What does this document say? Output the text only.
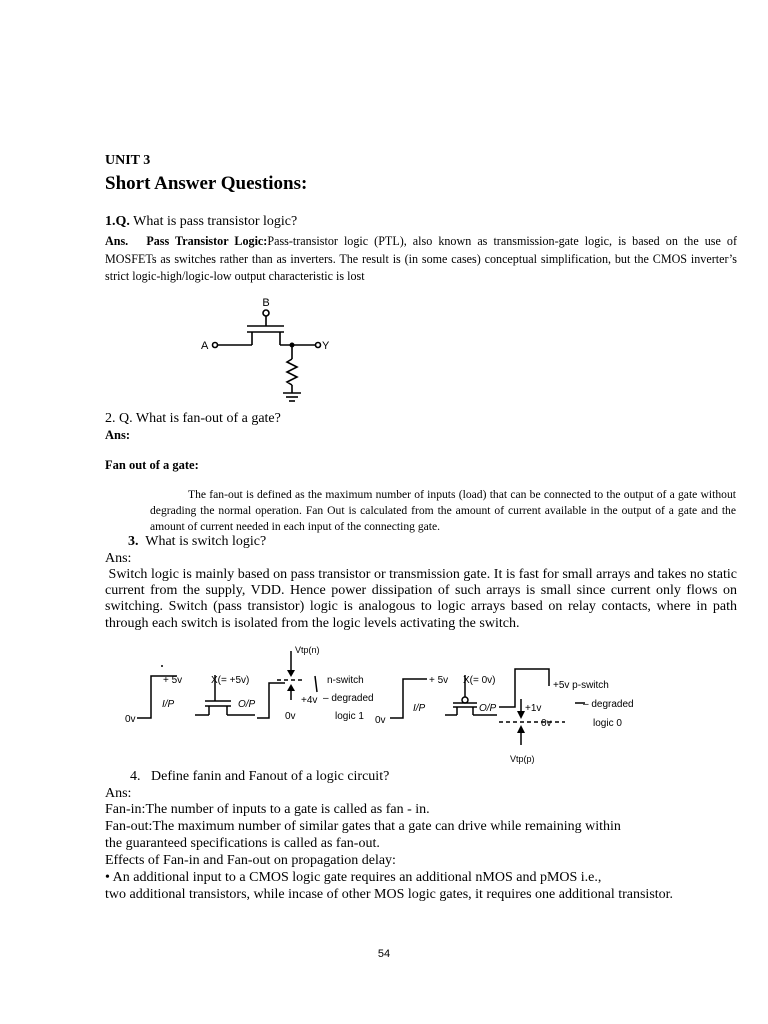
UNIT 3
Short Answer Questions:
1.Q. What is pass transistor logic?
Ans. Pass Transistor Logic:Pass-transistor logic (PTL), also known as transmission-gate logic, is based on the use of MOSFETs as switches rather than as inverters. The result is (in some cases) conceptual simplification, but the CMOS inverter’s strict logic-high/logic-low output characteristic is lost
B
A	Y
2. Q. What is fan-out of a gate?
Ans:
Fan out of a gate:
The fan-out is defined as the maximum number of inputs (load) that can be connected to the output of a gate without degrading the normal operation. Fan Out is calculated from the amount of current available in the output of a gate and the amount of current needed in each input of the connecting gate.
3. What is switch logic?
Ans:
Switch logic is mainly based on pass transistor or transmission gate. It is fast for small arrays and takes no static current from the supply, VDD. Hence power dissipation of such arrays is small since current only flows on switching. Switch (pass transistor) logic is analogous to logic arrays based on relay contacts, where in path through each switch is isolated from the logic levels activating the switch.
+ 5v
0v
I/P
X(= +5v)
O/P
Vtp(n)
+4v
0v
n-switch
– degraded
logic 1 0v
+ 5v
I/P
X(= 0v)
O/P	+1v
0v
Vtp(p)
+5v p-switch
– degraded
logic 0
4. Define fanin and Fanout of a logic circuit?
Ans:
Fan-in:The number of inputs to a gate is called as fan - in.
Fan-out:The maximum number of similar gates that a gate can drive while remaining within
the guaranteed specifications is called as fan-out.
Effects of Fan-in and Fan-out on propagation delay:
• An additional input to a CMOS logic gate requires an additional nMOS and pMOS i.e.,
two additional transistors, while incase of other MOS logic gates, it requires one additional transistor.
54
